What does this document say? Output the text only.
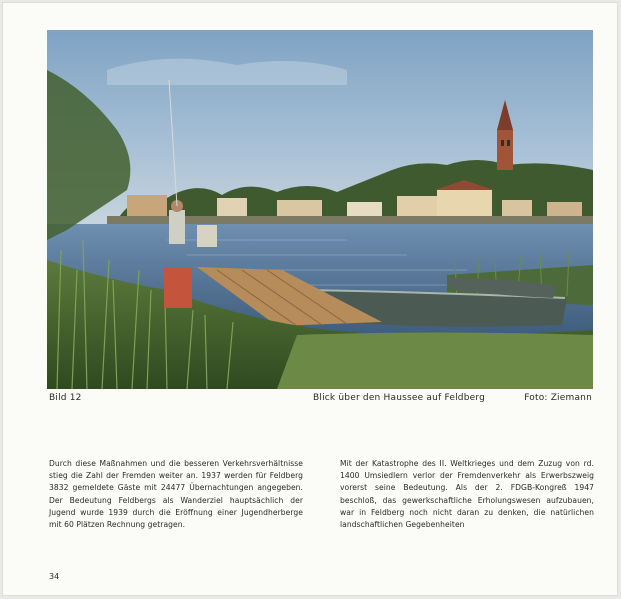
Bild 12	Blick über den Haussee auf Feldberg	Foto: Ziemann
Durch diese Maßnahmen und die besseren Verkehrsverhältnisse stieg die Zahl der Fremden weiter an. 1937 werden für Feldberg 3832 gemeldete Gäste mit 24477 Übernachtungen angegeben. Der Bedeutung Feldbergs als Wanderziel hauptsächlich der Jugend wurde 1939 durch die Eröffnung einer Jugendherberge mit 60 Plätzen Rechnung getragen.
Mit der Katastrophe des II. Weltkrieges und dem Zuzug von rd. 1400 Umsiedlern verlor der Fremdenverkehr als Erwerbszweig vorerst seine Bedeutung. Als der 2. FDGB-Kongreß 1947 beschloß, das gewerkschaftliche Erholungswesen aufzubauen, war in Feldberg noch nicht daran zu denken, die natürlichen landschaftlichen Gegebenheiten
34
